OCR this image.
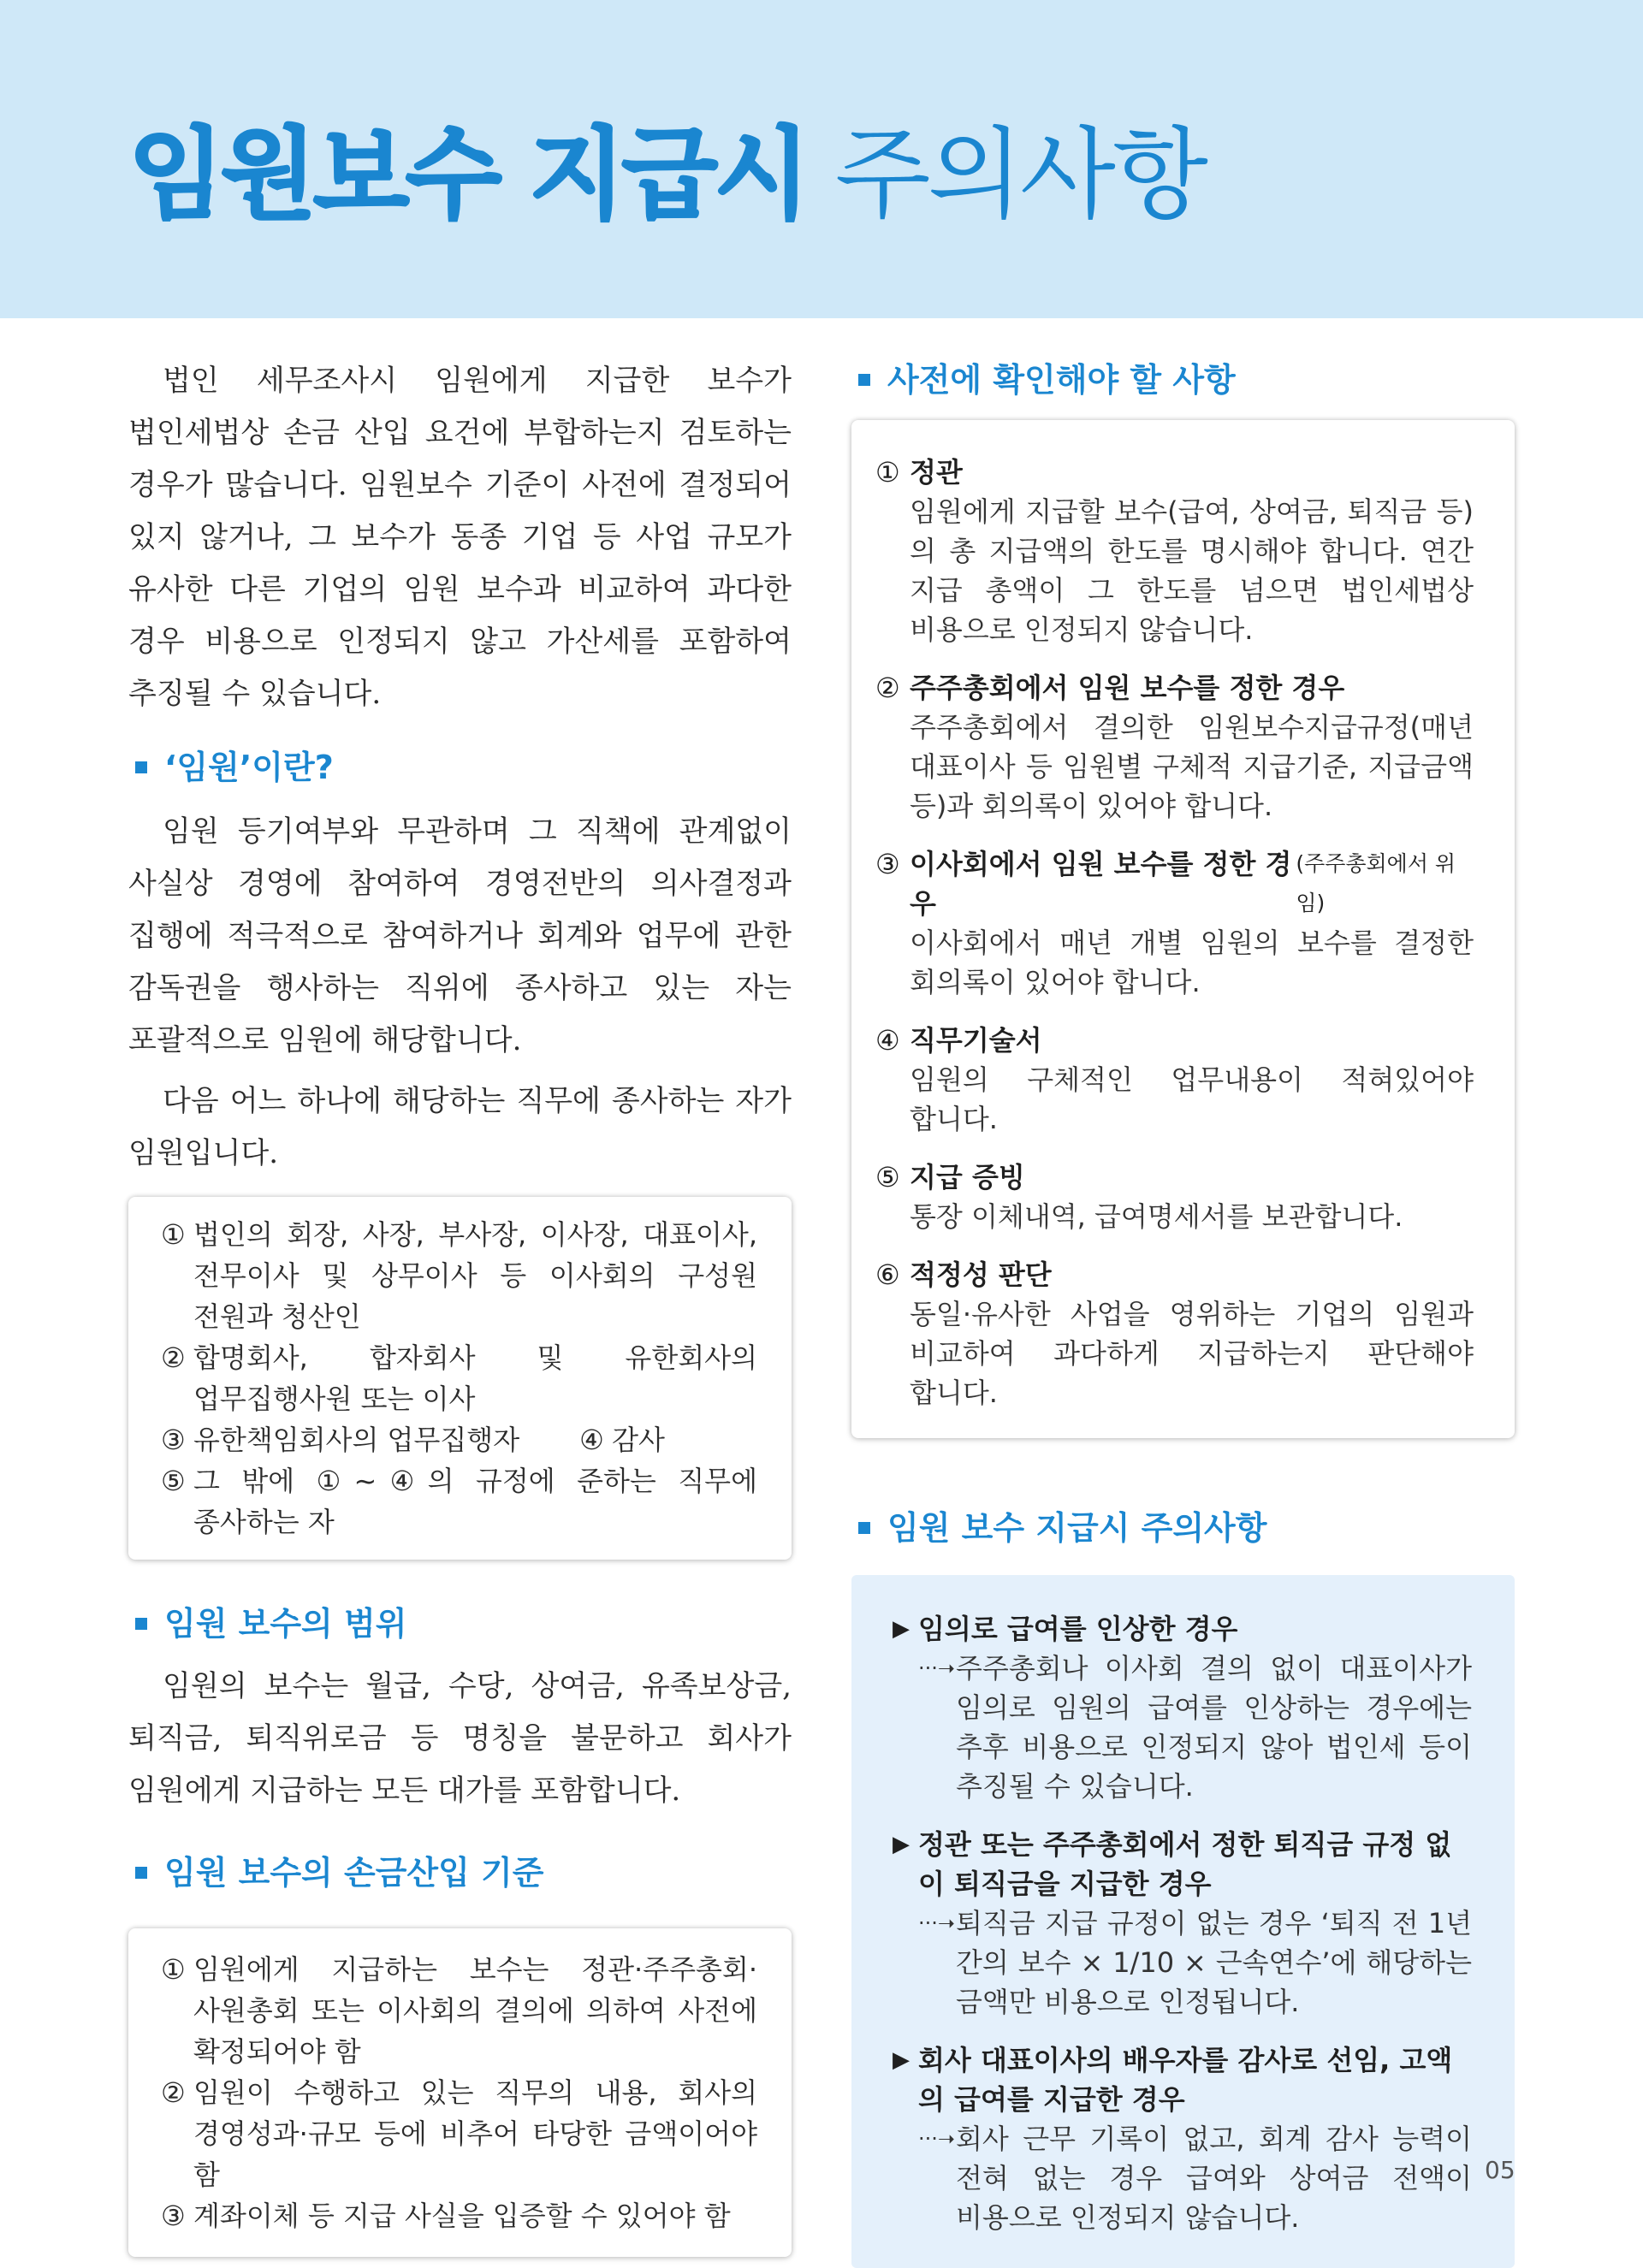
임원보수 지급시 주의사항

법인 세무조사시 임원에게 지급한 보수가 법인세법상 손금 산입 요건에 부합하는지 검토하는 경우가 많습니다. 임원보수 기준이 사전에 결정되어 있지 않거나, 그 보수가 동종 기업 등 사업 규모가 유사한 다른 기업의 임원 보수과 비교하여 과다한 경우 비용으로 인정되지 않고 가산세를 포함하여 추징될 수 있습니다.

‘임원’이란?

임원 등기여부와 무관하며 그 직책에 관계없이 사실상 경영에 참여하여 경영전반의 의사결정과 집행에 적극적으로 참여하거나 회계와 업무에 관한 감독권을 행사하는 직위에 종사하고 있는 자는 포괄적으로 임원에 해당합니다.

다음 어느 하나에 해당하는 직무에 종사하는 자가 임원입니다.

① 법인의 회장, 사장, 부사장, 이사장, 대표이사, 전무이사 및 상무이사 등 이사회의 구성원 전원과 청산인
② 합명회사, 합자회사 및 유한회사의 업무집행사원 또는 이사
③ 유한책임회사의 업무집행자 ④ 감사
⑤ 그 밖에 ①~④의 규정에 준하는 직무에 종사하는 자
임원 보수의 범위

임원의 보수는 월급, 수당, 상여금, 유족보상금, 퇴직금, 퇴직위로금 등 명칭을 불문하고 회사가 임원에게 지급하는 모든 대가를 포함합니다.

임원 보수의 손금산입 기준
① 임원에게 지급하는 보수는 정관·주주총회·사원총회 또는 이사회의 결의에 의하여 사전에 확정되어야 함
② 임원이 수행하고 있는 직무의 내용, 회사의 경영성과·규모 등에 비추어 타당한 금액이어야 함
③ 계좌이체 등 지급 사실을 입증할 수 있어야 함
사전에 확인해야 할 사항
① 정관
임원에게 지급할 보수(급여, 상여금, 퇴직금 등)의 총 지급액의 한도를 명시해야 합니다. 연간 지급 총액이 그 한도를 넘으면 법인세법상 비용으로 인정되지 않습니다.
② 주주총회에서 임원 보수를 정한 경우
주주총회에서 결의한 임원보수지급규정(매년 대표이사 등 임원별 구체적 지급기준, 지급금액 등)과 회의록이 있어야 합니다.
③ 이사회에서 임원 보수를 정한 경우
(주주총회에서 위임)
이사회에서 매년 개별 임원의 보수를 결정한 회의록이 있어야 합니다.
④ 직무기술서
임원의 구체적인 업무내용이 적혀있어야 합니다.
⑤ 지급 증빙
통장 이체내역, 급여명세서를 보관합니다.
⑥ 적정성 판단
동일·유사한 사업을 영위하는 기업의 임원과 비교하여 과다하게 지급하는지 판단해야 합니다.
임원 보수 지급시 주의사항
▶ 임의로 급여를 인상한 경우
···➝ 주주총회나 이사회 결의 없이 대표이사가 임의로 임원의 급여를 인상하는 경우에는 추후 비용으로 인정되지 않아 법인세 등이 추징될 수 있습니다.
▶ 정관 또는 주주총회에서 정한 퇴직금 규정 없이 퇴직금을 지급한 경우
···➝ 퇴직금 지급 규정이 없는 경우 ‘퇴직 전 1년 간의 보수 × 1/10 × 근속연수’에 해당하는 금액만 비용으로 인정됩니다.
▶ 회사 대표이사의 배우자를 감사로 선임, 고액의 급여를 지급한 경우
···➝ 회사 근무 기록이 없고, 회계 감사 능력이 전혀 없는 경우 급여와 상여금 전액이 비용으로 인정되지 않습니다.
05
